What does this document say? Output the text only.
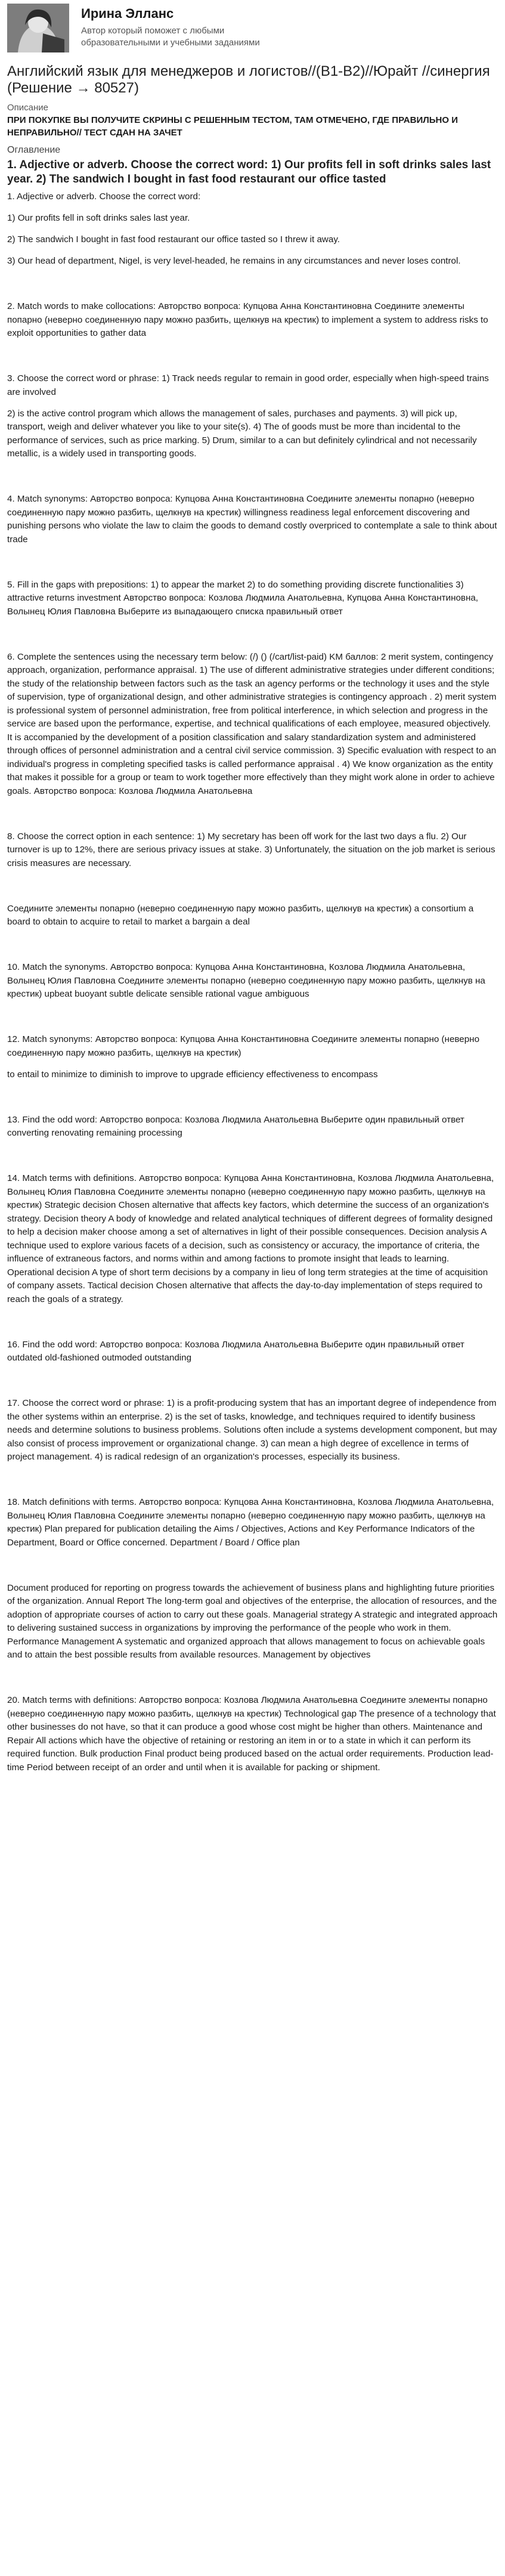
Ирина Элланс
Автор который поможет с любыми образовательными и учебными заданиями
Английский язык для менеджеров и логистов//(B1-B2)//Юрайт //синергия (Решение → 80527)
Описание
ПРИ ПОКУПКЕ ВЫ ПОЛУЧИТЕ СКРИНЫ С РЕШЕННЫМ ТЕСТОМ, ТАМ ОТМЕЧЕНО, ГДЕ ПРАВИЛЬНО И НЕПРАВИЛЬНО// ТЕСТ СДАН НА ЗАЧЕТ
Оглавление
1. Adjective or adverb. Choose the correct word: 1) Our profits fell in soft drinks sales last year. 2) The sandwich I bought in fast food restaurant our office tasted
1. Adjective or adverb. Choose the correct word:
1) Our profits fell in soft drinks sales last year.
2) The sandwich I bought in fast food restaurant our office tasted so I threw it away.
3) Our head of department, Nigel, is very level-headed, he remains in any circumstances and never loses control.
2. Match words to make collocations: Авторство вопроса: Купцова Анна Константиновна Соедините элементы попарно (неверно соединенную пару можно разбить, щелкнув на крестик) to implement a system to address risks to exploit opportunities to gather data
3. Choose the correct word or phrase: 1) Track needs regular to remain in good order, especially when high-speed trains are involved
2) is the active control program which allows the management of sales, purchases and payments. 3) will pick up, transport, weigh and deliver whatever you like to your site(s). 4) The of goods must be more than incidental to the performance of services, such as price marking. 5) Drum, similar to a can but definitely cylindrical and not necessarily metallic, is a widely used in transporting goods.
4. Match synonyms: Авторство вопроса: Купцова Анна Константиновна Соедините элементы попарно (неверно соединенную пару можно разбить, щелкнув на крестик) willingness readiness legal enforcement discovering and punishing persons who violate the law to claim the goods to demand costly overpriced to contemplate a sale to think about trade
5. Fill in the gaps with prepositions: 1) to appear the market 2) to do something providing discrete functionalities 3) attractive returns investment Авторство вопроса: Козлова Людмила Анатольевна, Купцова Анна Константиновна, Волынец Юлия Павловна Выберите из выпадающего списка правильный ответ
6. Complete the sentences using the necessary term below: (/) () (/cart/list-paid) KM баллов: 2 merit system, contingency approach, organization, performance appraisal. 1) The use of different administrative strategies under different conditions; the study of the relationship between factors such as the task an agency performs or the technology it uses and the style of supervision, type of organizational design, and other administrative strategies is contingency approach . 2) merit system is professional system of personnel administration, free from political interference, in which selection and progress in the service are based upon the performance, expertise, and technical qualifications of each employee, measured objectively. It is accompanied by the development of a position classification and salary standardization system and administered through offices of personnel administration and a central civil service commission. 3) Specific evaluation with respect to an individual's progress in completing specified tasks is called performance appraisal . 4) We know organization as the entity that makes it possible for a group or team to work together more effectively than they might work alone in order to achieve goals. Авторство вопроса: Козлова Людмила Анатольевна
8. Choose the correct option in each sentence: 1) My secretary has been off work for the last two days a flu. 2) Our turnover is up to 12%, there are serious privacy issues at stake. 3) Unfortunately, the situation on the job market is serious crisis measures are necessary.
Соедините элементы попарно (неверно соединенную пару можно разбить, щелкнув на крестик) a consortium a board to obtain to acquire to retail to market a bargain a deal
10. Match the synonyms. Авторство вопроса: Купцова Анна Константиновна, Козлова Людмила Анатольевна, Волынец Юлия Павловна Соедините элементы попарно (неверно соединенную пару можно разбить, щелкнув на крестик) upbeat buoyant subtle delicate sensible rational vague ambiguous
12. Match synonyms: Авторство вопроса: Купцова Анна Константиновна Соедините элементы попарно (неверно соединенную пару можно разбить, щелкнув на крестик)
to entail to minimize to diminish to improve to upgrade efficiency effectiveness to encompass
13. Find the odd word: Авторство вопроса: Козлова Людмила Анатольевна Выберите один правильный ответ converting renovating remaining processing
14. Match terms with definitions. Авторство вопроса: Купцова Анна Константиновна, Козлова Людмила Анатольевна, Волынец Юлия Павловна Соедините элементы попарно (неверно соединенную пару можно разбить, щелкнув на крестик) Strategic decision Chosen alternative that affects key factors, which determine the success of an organization's strategy. Decision theory A body of knowledge and related analytical techniques of different degrees of formality designed to help a decision maker choose among a set of alternatives in light of their possible consequences. Decision analysis A technique used to explore various facets of a decision, such as consistency or accuracy, the importance of criteria, the influence of extraneous factors, and norms within and among factions to promote insight that leads to learning. Operational decision A type of short term decisions by a company in lieu of long term strategies at the time of acquisition of company assets. Tactical decision Chosen alternative that affects the day-to-day implementation of steps required to reach the goals of a strategy.
16. Find the odd word: Авторство вопроса: Козлова Людмила Анатольевна Выберите один правильный ответ outdated old-fashioned outmoded outstanding
17. Choose the correct word or phrase: 1) is a profit-producing system that has an important degree of independence from the other systems within an enterprise. 2) is the set of tasks, knowledge, and techniques required to identify business needs and determine solutions to business problems. Solutions often include a systems development component, but may also consist of process improvement or organizational change. 3) can mean a high degree of excellence in terms of project management. 4) is radical redesign of an organization's processes, especially its business.
18. Match definitions with terms. Авторство вопроса: Купцова Анна Константиновна, Козлова Людмила Анатольевна, Волынец Юлия Павловна Соедините элементы попарно (неверно соединенную пару можно разбить, щелкнув на крестик) Plan prepared for publication detailing the Aims / Objectives, Actions and Key Performance Indicators of the Department, Board or Office concerned. Department / Board / Office plan
Document produced for reporting on progress towards the achievement of business plans and highlighting future priorities of the organization. Annual Report The long-term goal and objectives of the enterprise, the allocation of resources, and the adoption of appropriate courses of action to carry out these goals. Managerial strategy A strategic and integrated approach to delivering sustained success in organizations by improving the performance of the people who work in them. Performance Management A systematic and organized approach that allows management to focus on achievable goals and to attain the best possible results from available resources. Management by objectives
20. Match terms with definitions: Авторство вопроса: Козлова Людмила Анатольевна Соедините элементы попарно (неверно соединенную пару можно разбить, щелкнув на крестик) Technological gap The presence of a technology that other businesses do not have, so that it can produce a good whose cost might be higher than others. Maintenance and Repair All actions which have the objective of retaining or restoring an item in or to a state in which it can perform its required function. Bulk production Final product being produced based on the actual order requirements. Production lead-time Period between receipt of an order and until when it is available for packing or shipment.
